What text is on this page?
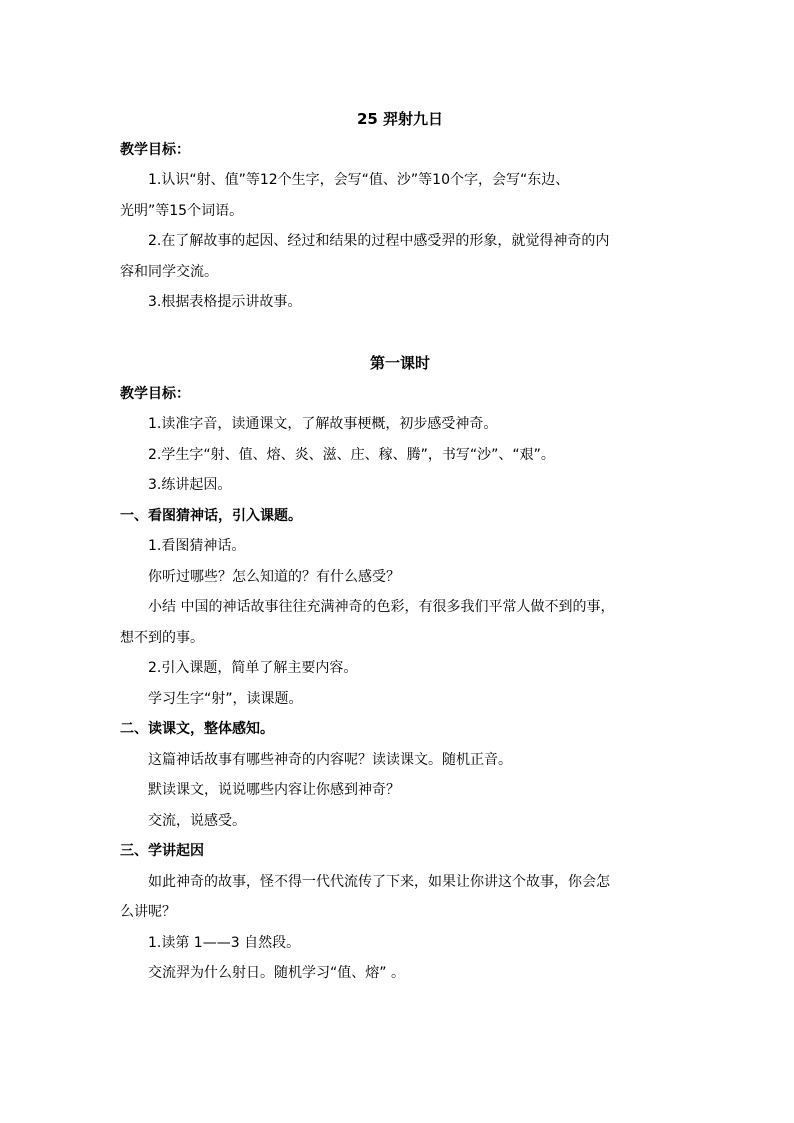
25 羿射九日
教学目标：
1.认识“射、值”等12个生字，会写“值、沙”等10个字，会写“东边、
光明”等15个词语。
2.在了解故事的起因、经过和结果的过程中感受羿的形象，就觉得神奇的内
容和同学交流。
3.根据表格提示讲故事。
第一课时
教学目标：
1.读准字音，读通课文，了解故事梗概，初步感受神奇。
2.学生字“射、值、熔、炎、滋、庄、稼、腾”，书写“沙”、“艰”。
3.练讲起因。
一、看图猜神话，引入课题。
1.看图猜神话。
你听过哪些？怎么知道的？有什么感受？
小结 中国的神话故事往往充满神奇的色彩，有很多我们平常人做不到的事，
想不到的事。
2.引入课题，简单了解主要内容。
学习生字“射”，读课题。
二、读课文，整体感知。
这篇神话故事有哪些神奇的内容呢？读读课文。随机正音。
默读课文，说说哪些内容让你感到神奇？
交流，说感受。
三、学讲起因
如此神奇的故事，怪不得一代代流传了下来，如果让你讲这个故事，你会怎
么讲呢？
1.读第 1——3 自然段。
交流羿为什么射日。随机学习“值、熔” 。
